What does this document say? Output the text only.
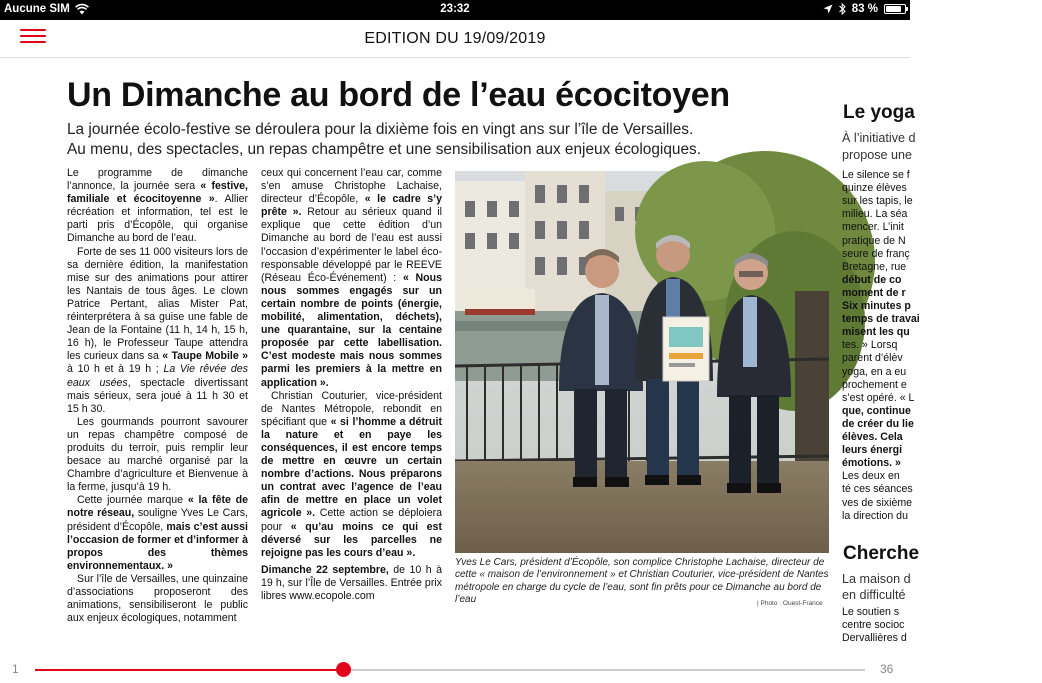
Aucune SIM	23:32	83 %
EDITION DU 19/09/2019
Un Dimanche au bord de l’eau écocitoyen
La journée écolo-festive se déroulera pour la dixième fois en vingt ans sur l’île de Versailles.
Au menu, des spectacles, un repas champêtre et une sensibilisation aux enjeux écologiques.

Le programme de dimanche l’annonce, la journée sera « festive, familiale et écocitoyenne ». Allier récréation et information, tel est le parti pris d’Écopôle, qui organise Dimanche au bord de l’eau.

Forte de ses 11 000 visiteurs lors de sa dernière édition, la manifestation mise sur des animations pour attirer les Nantais de tous âges. Le clown Patrice Pertant, alias Mister Pat, réinterprétera à sa guise une fable de Jean de la Fontaine (11 h, 14 h, 15 h, 16 h), le Professeur Taupe attendra les curieux dans sa « Taupe Mobile » à 10 h et à 19 h ; La Vie rêvée des eaux usées, spectacle divertissant mais sérieux, sera joué à 11 h 30 et 15 h 30.

Les gourmands pourront savourer un repas champêtre composé de produits du terroir, puis remplir leur besace au marché organisé par la Chambre d’agriculture et Bienvenue à la ferme, jusqu’à 19 h.

Cette journée marque « la fête de notre réseau, souligne Yves Le Cars, président d’Écopôle, mais c’est aussi l’occasion de former et d’informer à propos des thèmes environnementaux. »

Sur l’île de Versailles, une quinzaine d’associations proposeront des animations, sensibiliseront le public aux enjeux écologiques, notamment

ceux qui concernent l’eau car, comme s’en amuse Christophe Lachaise, directeur d’Écopôle, « le cadre s’y prête ». Retour au sérieux quand il explique que cette édition d’un Dimanche au bord de l’eau est aussi l’occasion d’expérimenter le label éco-responsable développé par le REEVE (Réseau Éco-Événement) : « Nous nous sommes engagés sur un certain nombre de points (énergie, mobilité, alimentation, déchets), une quarantaine, sur la centaine proposée par cette labellisation. C’est modeste mais nous sommes parmi les premiers à la mettre en application ».

Christian Couturier, vice-président de Nantes Métropole, rebondit en spécifiant que « si l’homme a détruit la nature et en paye les conséquences, il est encore temps de mettre en œuvre un certain nombre d’actions. Nous préparons un contrat avec l’agence de l’eau afin de mettre en place un volet agricole ». Cette action se déploiera pour « qu’au moins ce qui est déversé sur les parcelles ne rejoigne pas les cours d’eau ».

Dimanche 22 septembre, de 10 h à 19 h, sur l’Île de Versailles. Entrée prix libres www.ecopole.com

Yves Le Cars, président d’Écopôle, son complice Christophe Lachaise, directeur de cette « maison de l’environnement » et Christian Couturier, vice-président de Nantes métropole en charge du cycle de l’eau, sont fin prêts pour ce Dimanche au bord de l’eau	| Photo : Ouest-France
Le yoga
À l’initiative d
propose une
Le silence se f
quinze élèves
sur les tapis, le
milieu. La séa
mencer. L’init
pratique de N
seure de franç
Bretagne, rue
début de co
moment de r
Six minutes p
temps de travai
misent les qu
tes. » Lorsq
parent d’élèv
yoga, en a eu
prochement e
s’est opéré. « L
que, continue
de créer du lie
élèves. Cela
leurs énergi
émotions. »
Les deux en
té ces séances
ves de sixième
la direction du
Cherche
La maison d
en difficulté
Le soutien s
centre socioc
Dervallières d
1	36
